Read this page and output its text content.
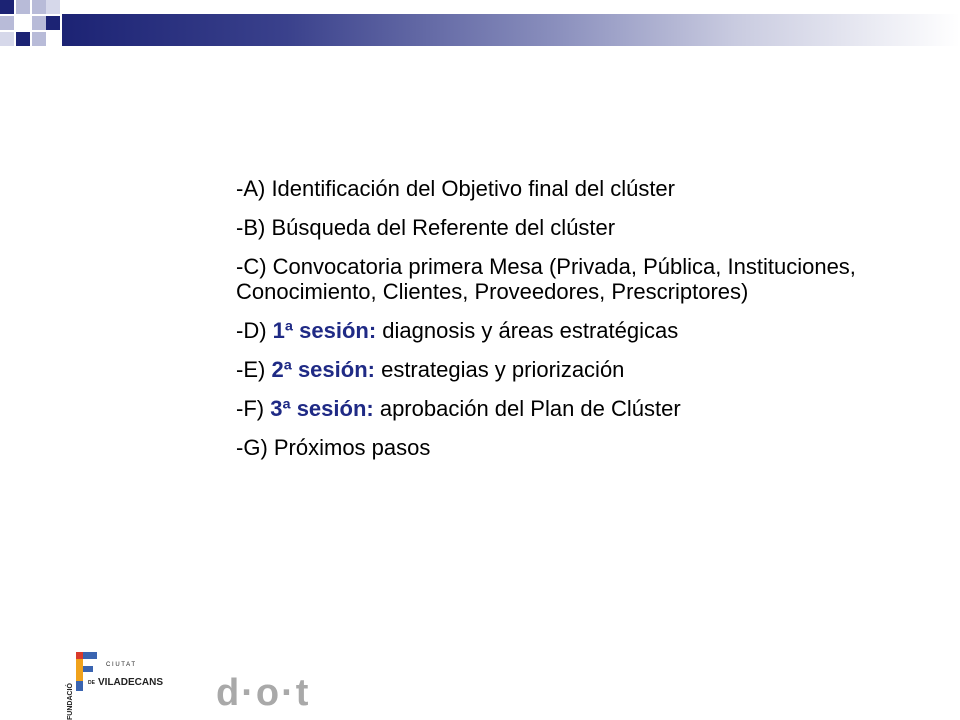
-A) Identificación del Objetivo final del clúster
-B) Búsqueda del Referente del clúster
-C) Convocatoria primera Mesa (Privada, Pública, Instituciones, Conocimiento, Clientes, Proveedores, Prescriptores)
-D) 1ª sesión: diagnosis y áreas estratégicas
-E) 2ª sesión: estrategias y priorización
-F) 3ª sesión: aprobación del Plan de Clúster
-G) Próximos pasos
FUNDACIÓ
C I U T A T
DE VILADECANS d·o·t
